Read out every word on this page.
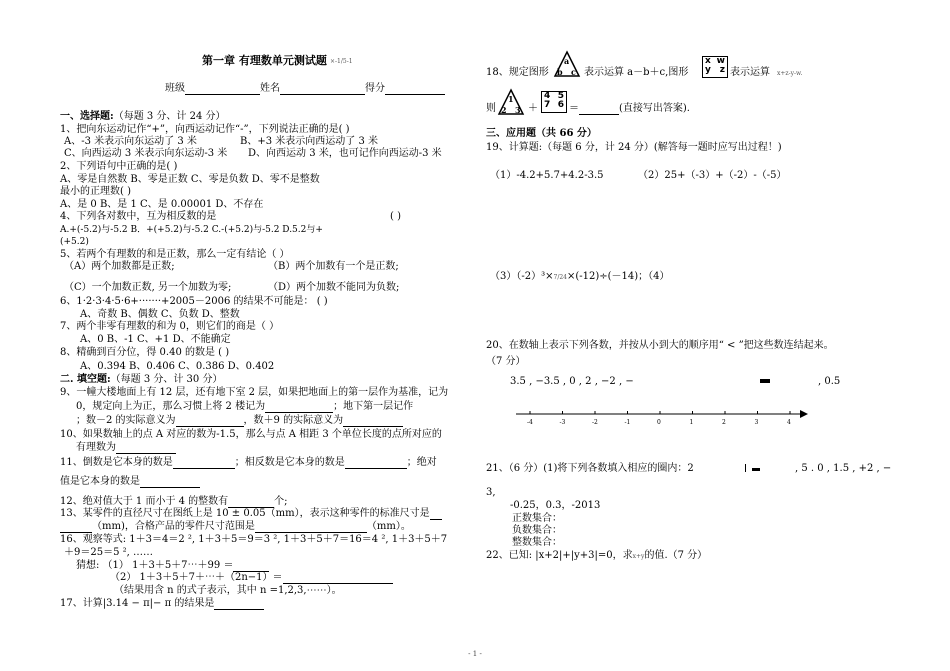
第一章 有理数单元测试题 ×-1/5-1
班级	姓名	得分
一、选择题:（每题 3 分、计 24 分）
1、把向东运动记作“+”，向西运动记作“-”，下列说法正确的是( )
A、-3 米表示向东运动了 3 米	B、+3 米表示向西运动了 3 米
C、向西运动 3 米表示向东运动-3 米 D、向西运动 3 米，也可记作向西运动-3 米
2、下列语句中正确的是( )
A、零是自然数 B、零是正数 C、零是负数 D、零不是整数
最小的正理数( )
A、是 0 B、是 1 C、是 0.00001 D、不存在
4、下列各对数中，互为相反数的是	( )
A.+(-5.2)与-5.2 B．+(+5.2)与-5.2 C.-(+5.2)与-5.2 D.5.2与+
(+5.2)
5、若两个有理数的和是正数，那么一定有结论（ ）
（A）两个加数都是正数;	（B）两个加数有一个是正数;
（C）一个加数正数, 另一个加数为零;	（D）两个加数不能同为负数;
6、1·2·3·4·5·6+·······+2005－2006 的结果不可能是： ( )
A、奇数 B、偶数 C、负数 D、整数
7、两个非零有理数的和为 0，则它们的商是（ ）
A、0 B、-1 C、+1 D、不能确定
8、精确到百分位，得 0.40 的数是 ( )
A、0.394 B、0.406 C、0.386 D、0.402
二. 填空题:（每题 3 分、计 30 分）
9、一幢大楼地面上有 12 层，还有地下室 2 层，如果把地面上的第一层作为基准，记为
0，规定向上为正，那么习惯上将 2 楼记为	；地下第一层记作
；数－2 的实际意义为	，数＋9 的实际意义为
10、如果数轴上的点 A 对应的数为-1.5，那么与点 A 相距 3 个单位长度的点所对应的
有理数为
11、倒数是它本身的数是	；相反数是它本身的数是	；绝对
值是它本身的数是
12、绝对值大于 1 而小于 4 的整数有	个;
13、某零件的直径尺寸在图纸上是 10 ± 0.05（mm），表示这种零件的标准尺寸是
（mm)，合格产品的零件尺寸范围是	（mm）。
16、观察等式: 1＋3＝4＝2 ², 1＋3＋5＝9＝3 ², 1＋3＋5＋7＝16＝4 ², 1＋3＋5＋7
＋9＝25＝5 ², ……
猜想: （1） 1＋3＋5＋7⋯＋99 ＝
（2） 1＋3＋5＋7＋⋯＋（2n−1）＝
（结果用含 n 的式子表示，其中 n =1,2,3,⋯⋯）。
17、计算|3.14 − π|− π 的结果是
18、规定图形
a
b c 表示运算 a－b＋c,图形
x w
y z 表示运算 x+z-y-w.
则
1
2 3 ＋
4 5
7 6 ＝	(直接写出答案).
三、应用题（共 66 分）
19、计算题:（每题 6 分，计 24 分）(解答每一题时应写出过程！)
（1）-4.2+5.7+4.2-3.5	（2）25+（-3）+（-2）-（-5）
（3）（-2）³×7/24×(-12)÷(－14)；（4）
20、在数轴上表示下列各数，并按从小到大的顺序用“ < ”把这些数连结起来。
（7 分）
3.5 , −3.5 , 0 , 2 , −2 , −	, 0.5
-4	-3	-2	-1	0	1	2	3	4
21、（6 分）(1)将下列各数填入相应的圈内：2	, 5 . 0 , 1.5 , +2 , −
3,
-0.25，0.3，-2013
正数集合：
负数集合：
整数集合：
22、已知: |x+2|+|y+3|=0，求x+y的值.（7 分）
- 1 -
